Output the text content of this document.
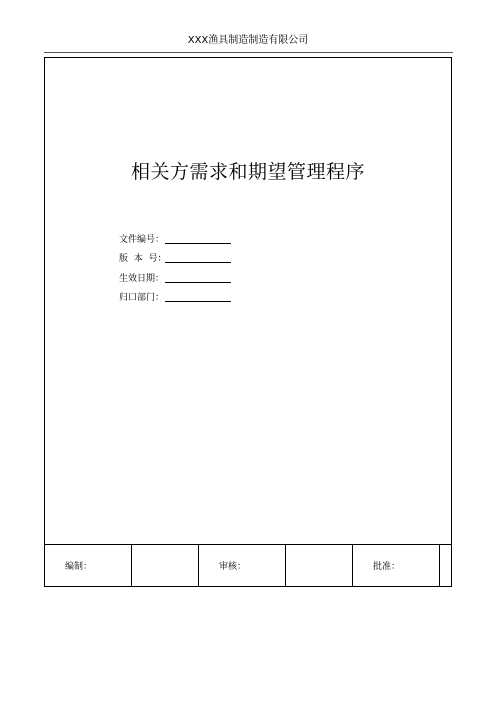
XXX渔具制造制造有限公司
相关方需求和期望管理程序
文件编号：
版  本  号：
生效日期：
归口部门：
编制：		审核：		批准：	
